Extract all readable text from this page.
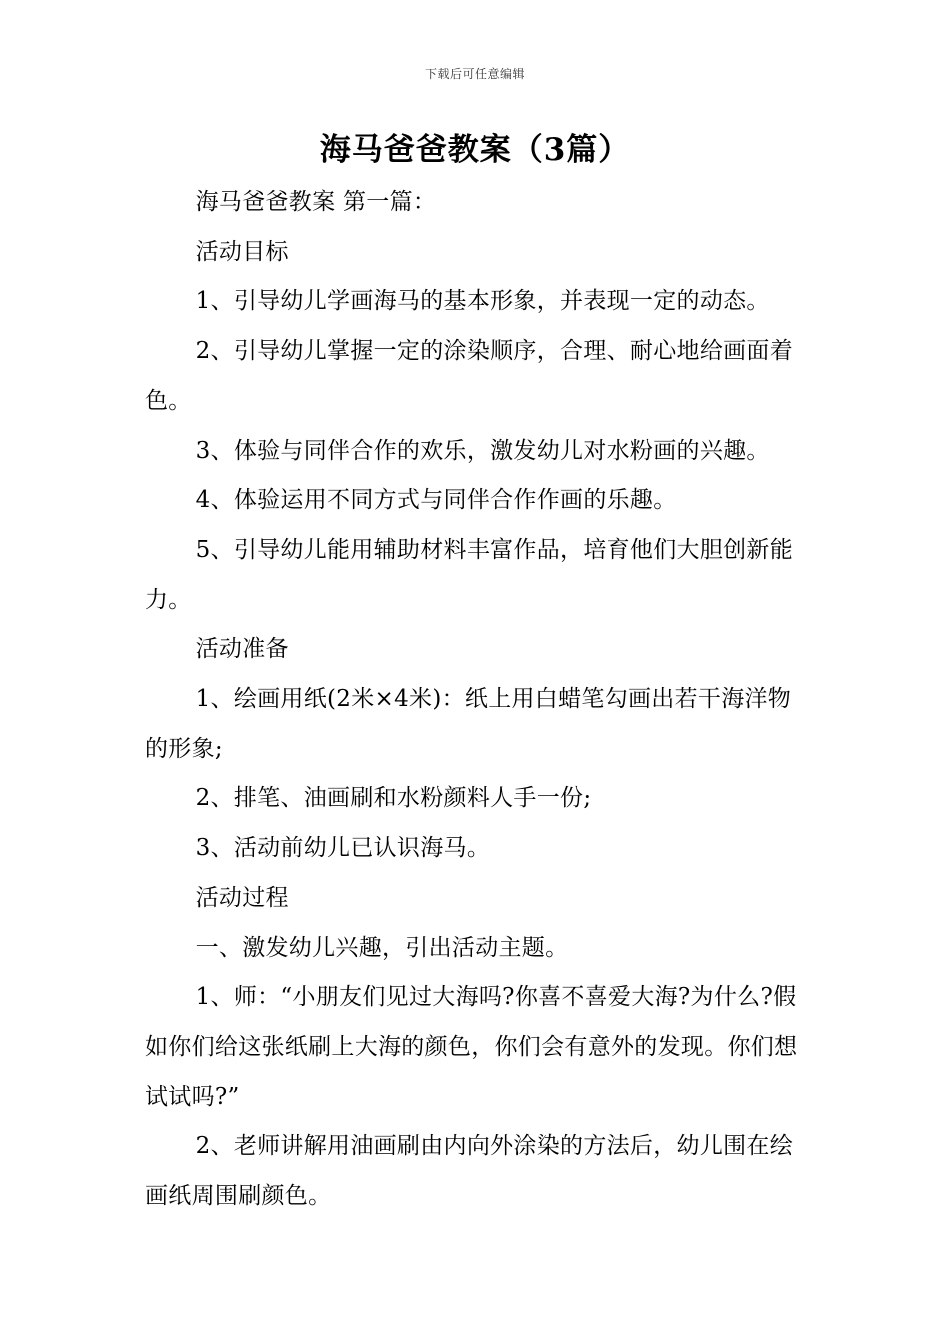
下载后可任意编辑
海马爸爸教案（3篇）

海马爸爸教案 第一篇：

活动目标

1、引导幼儿学画海马的基本形象，并表现一定的动态。

2、引导幼儿掌握一定的涂染顺序，合理、耐心地给画面着色。

3、体验与同伴合作的欢乐，激发幼儿对水粉画的兴趣。

4、体验运用不同方式与同伴合作作画的乐趣。

5、引导幼儿能用辅助材料丰富作品，培育他们大胆创新能力。

活动准备

1、绘画用纸(2米×4米)：纸上用白蜡笔勾画出若干海洋物的形象;

2、排笔、油画刷和水粉颜料人手一份;

3、活动前幼儿已认识海马。

活动过程

一、激发幼儿兴趣，引出活动主题。

1、师：“小朋友们见过大海吗?你喜不喜爱大海?为什么?假如你们给这张纸刷上大海的颜色，你们会有意外的发现。你们想试试吗?”

2、老师讲解用油画刷由内向外涂染的方法后，幼儿围在绘画纸周围刷颜色。
